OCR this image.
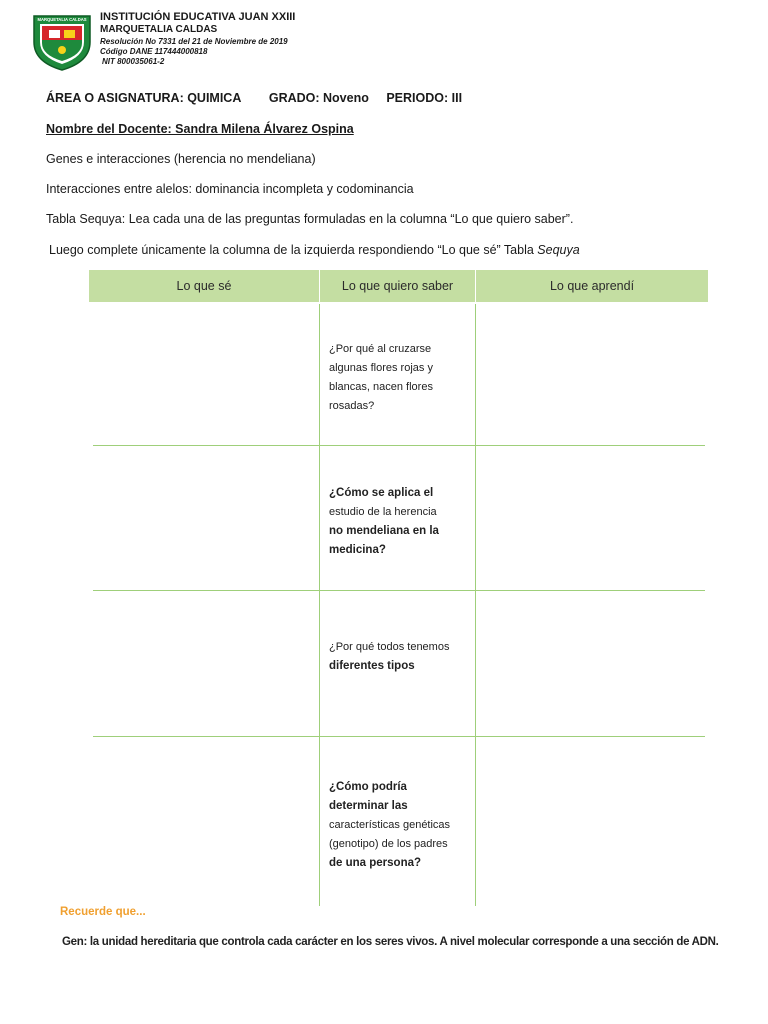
MARQUETALIA CALDAS INSTITUCIÓN EDUCATIVA JUAN XXIII
MARQUETALIA CALDAS
Resolución No 7331 del 21 de Noviembre de 2019
Código DANE 117444000818
NIT 800035061-2
ÁREA O ASIGNATURA: QUIMICA GRADO: Noveno PERIODO: III
Nombre del Docente: Sandra Milena Álvarez Ospina
Genes e interacciones (herencia no mendeliana)
Interacciones entre alelos: dominancia incompleta y codominancia
Tabla Sequya: Lea cada una de las preguntas formuladas en la columna “Lo que quiero saber”.
Luego complete únicamente la columna de la izquierda respondiendo “Lo que sé” Tabla Sequya
Lo que sé	Lo que quiero saber	Lo que aprendí
¿Por qué al cruzarse
algunas flores rojas y
blancas, nacen flores
rosadas?
¿Cómo se aplica el
estudio de la herencia
no mendeliana en la
medicina?
¿Por qué todos tenemos
diferentes tipos
¿Cómo podría
determinar las
características genéticas
(genotipo) de los padres
de una persona?
Recuerde que...
Gen: la unidad hereditaria que controla cada carácter en los seres vivos. A nivel molecular corresponde a una sección de ADN.
